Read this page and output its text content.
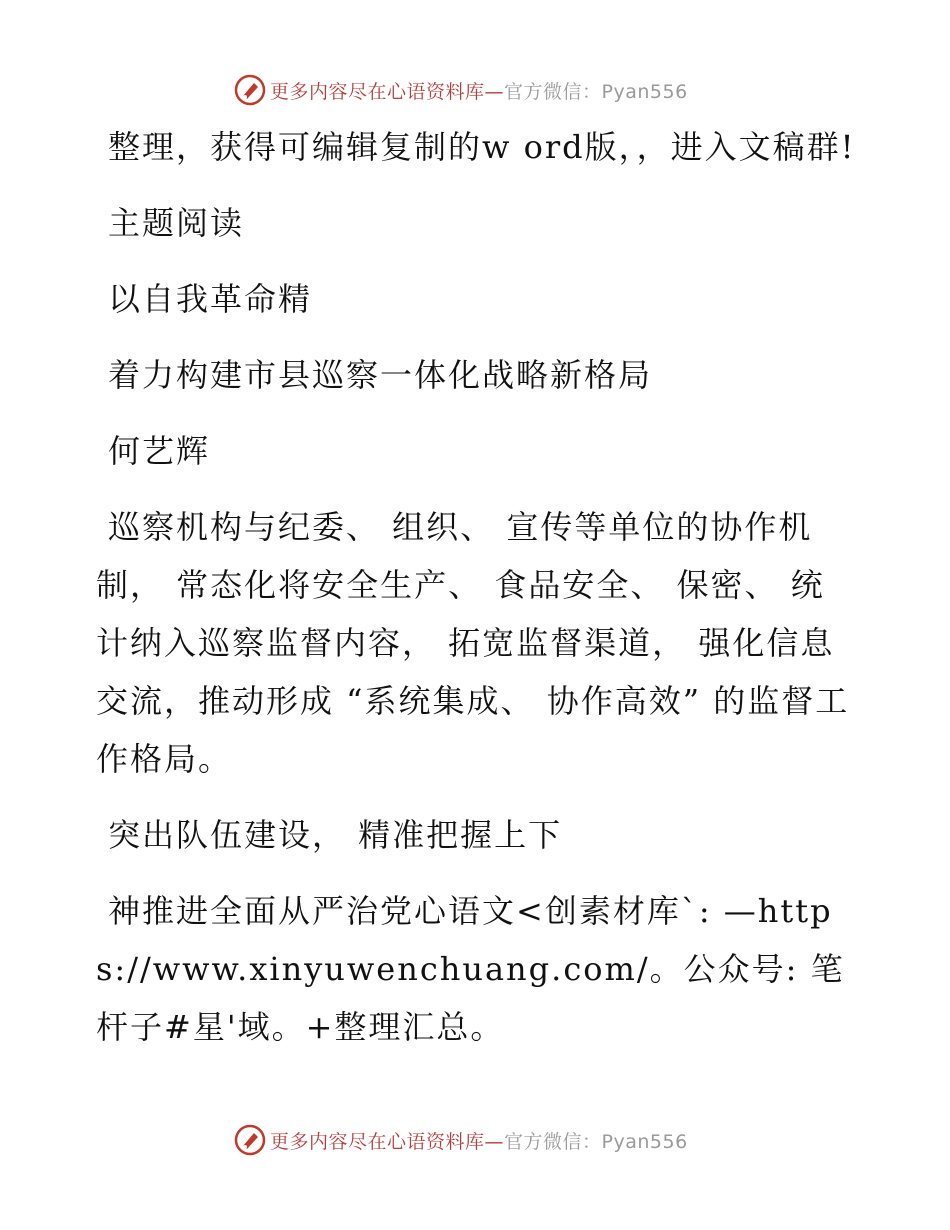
更多内容尽在心语资料库—官方微信：Pyan556

整理，获得可编辑复制的w ord版，，进入文稿群!

主题阅读

以自我革命精

着力构建市县巡察一体化战略新格局

何艺辉

巡察机构与纪委、 组织、 宣传等单位的协作机制， 常态化将安全生产、 食品安全、 保密、 统计纳入巡察监督内容， 拓宽监督渠道， 强化信息交流，推动形成 “系统集成、 协作高效” 的监督工作格局。

突出队伍建设， 精准把握上下

神推进全面从严治党心语文<创素材库`: —https://www.xinyuwenchuang.com/。公众号: 笔杆子#星'域。+整理汇总。

更多内容尽在心语资料库—官方微信：Pyan556
